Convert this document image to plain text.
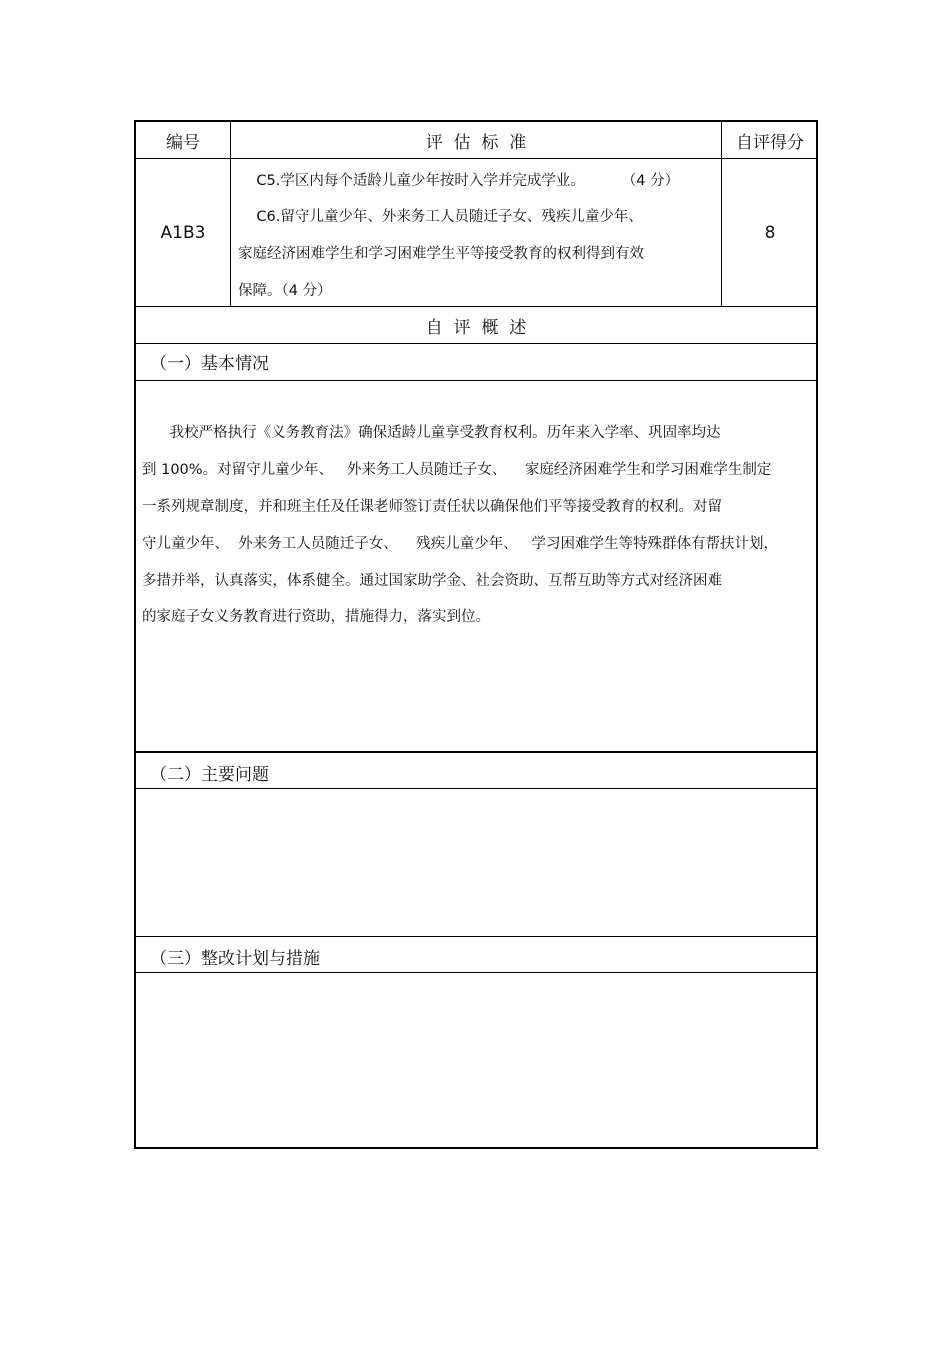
编号	评  估  标  准	自评得分
A1B3
C5.学区内每个适龄儿童少年按时入学并完成学业。        （4 分）
C6.留守儿童少年、外来务工人员随迁子女、残疾儿童少年、
家庭经济困难学生和学习困难学生平等接受教育的权利得到有效
保障。（4 分）
8
自  评  概  述
（一）基本情况
我校严格执行《义务教育法》确保适龄儿童享受教育权利。历年来入学率、巩固率均达
到 100%。对留守儿童少年、   外来务工人员随迁子女、    家庭经济困难学生和学习困难学生制定
一系列规章制度，并和班主任及任课老师签订责任状以确保他们平等接受教育的权利。对留
守儿童少年、  外来务工人员随迁子女、    残疾儿童少年、   学习困难学生等特殊群体有帮扶计划，
多措并举，认真落实，体系健全。通过国家助学金、社会资助、互帮互助等方式对经济困难
的家庭子女义务教育进行资助，措施得力，落实到位。
（二）主要问题
（三）整改计划与措施
